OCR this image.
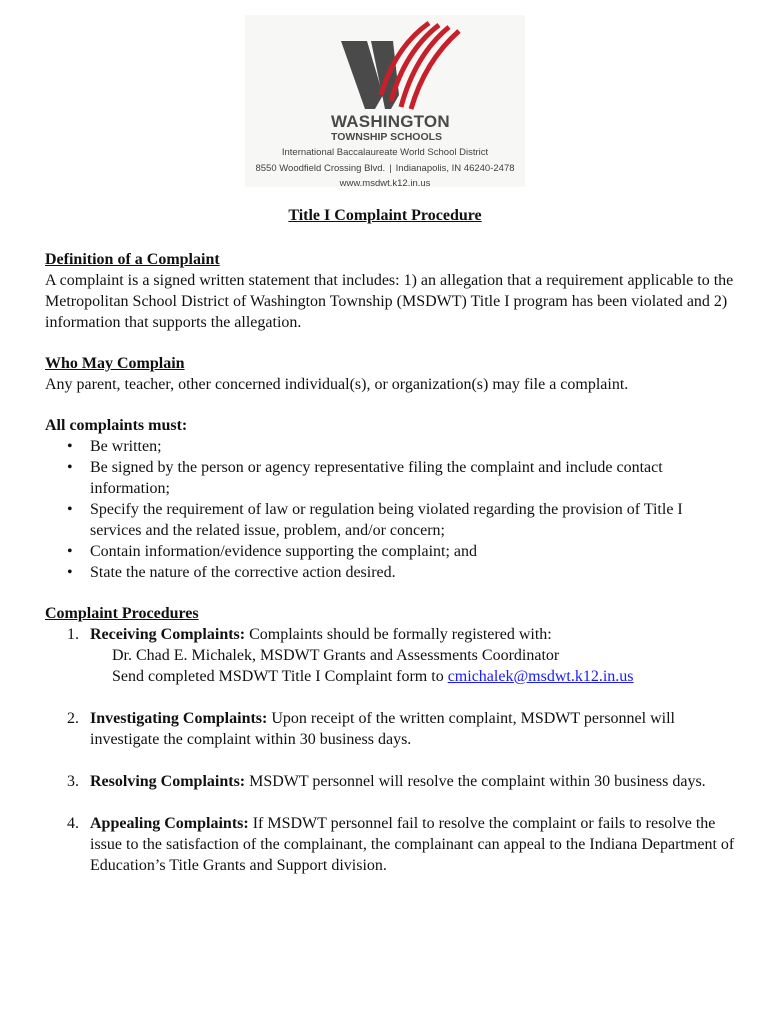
WASHINGTON

TOWNSHIP SCHOOLS

International Baccalaureate World School District

8550 Woodfield Crossing Blvd. | Indianapolis, IN 46240-2478

www.msdwt.k12.in.us

Title I Complaint Procedure
Definition of a Complaint

A complaint is a signed written statement that includes: 1) an allegation that a requirement applicable to the Metropolitan School District of Washington Township (MSDWT) Title I program has been violated and 2) information that supports the allegation.

Who May Complain

Any parent, teacher, other concerned individual(s), or organization(s) may file a complaint.

All complaints must:
• Be written;
• Be signed by the person or agency representative filing the complaint and include contact information;
• Specify the requirement of law or regulation being violated regarding the provision of Title I services and the related issue, problem, and/or concern;
• Contain information/evidence supporting the complaint; and
• State the nature of the corrective action desired.
Complaint Procedures
1. Receiving Complaints: Complaints should be formally registered with:
Dr. Chad E. Michalek, MSDWT Grants and Assessments Coordinator
Send completed MSDWT Title I Complaint form to cmichalek@msdwt.k12.in.us
2. Investigating Complaints: Upon receipt of the written complaint, MSDWT personnel will investigate the complaint within 30 business days.
3. Resolving Complaints: MSDWT personnel will resolve the complaint within 30 business days.
4. Appealing Complaints: If MSDWT personnel fail to resolve the complaint or fails to resolve the issue to the satisfaction of the complainant, the complainant can appeal to the Indiana Department of Education’s Title Grants and Support division.
